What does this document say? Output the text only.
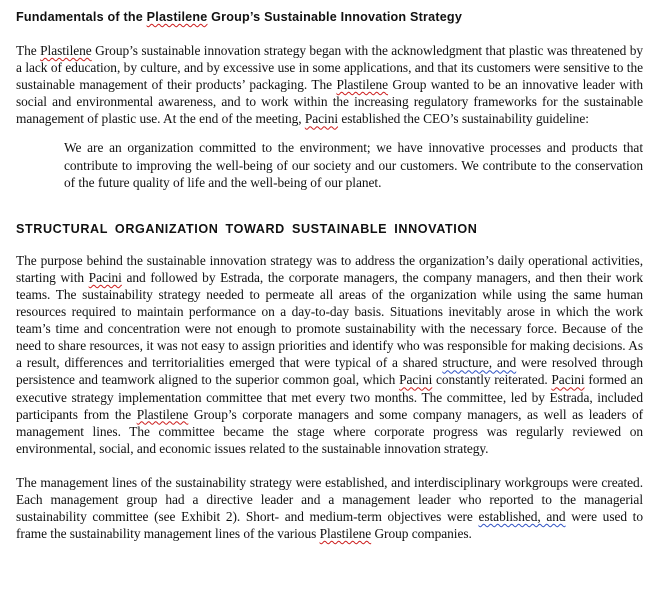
Fundamentals of the Plastilene Group’s Sustainable Innovation Strategy

The Plastilene Group’s sustainable innovation strategy began with the acknowledgment that plastic was threatened by a lack of education, by culture, and by excessive use in some applications, and that its customers were sensitive to the sustainable management of their products’ packaging. The Plastilene Group wanted to be an innovative leader with social and environmental awareness, and to work within the increasing regulatory frameworks for the sustainable management of plastic use. At the end of the meeting, Pacini established the CEO’s sustainability guideline:

We are an organization committed to the environment; we have innovative processes and products that contribute to improving the well-being of our society and our customers. We contribute to the conservation of the future quality of life and the well-being of our planet.

STRUCTURAL ORGANIZATION TOWARD SUSTAINABLE INNOVATION

The purpose behind the sustainable innovation strategy was to address the organization’s daily operational activities, starting with Pacini and followed by Estrada, the corporate managers, the company managers, and then their work teams. The sustainability strategy needed to permeate all areas of the organization while using the same human resources required to maintain performance on a day-to-day basis. Situations inevitably arose in which the work team’s time and concentration were not enough to promote sustainability with the necessary force. Because of the need to share resources, it was not easy to assign priorities and identify who was responsible for making decisions. As a result, differences and territorialities emerged that were typical of a shared structure, and were resolved through persistence and teamwork aligned to the superior common goal, which Pacini constantly reiterated. Pacini formed an executive strategy implementation committee that met every two months. The committee, led by Estrada, included participants from the Plastilene Group’s corporate managers and some company managers, as well as leaders of management lines. The committee became the stage where corporate progress was regularly reviewed on environmental, social, and economic issues related to the sustainable innovation strategy.

The management lines of the sustainability strategy were established, and interdisciplinary workgroups were created. Each management group had a directive leader and a management leader who reported to the managerial sustainability committee (see Exhibit 2). Short- and medium-term objectives were established, and were used to frame the sustainability management lines of the various Plastilene Group companies.
